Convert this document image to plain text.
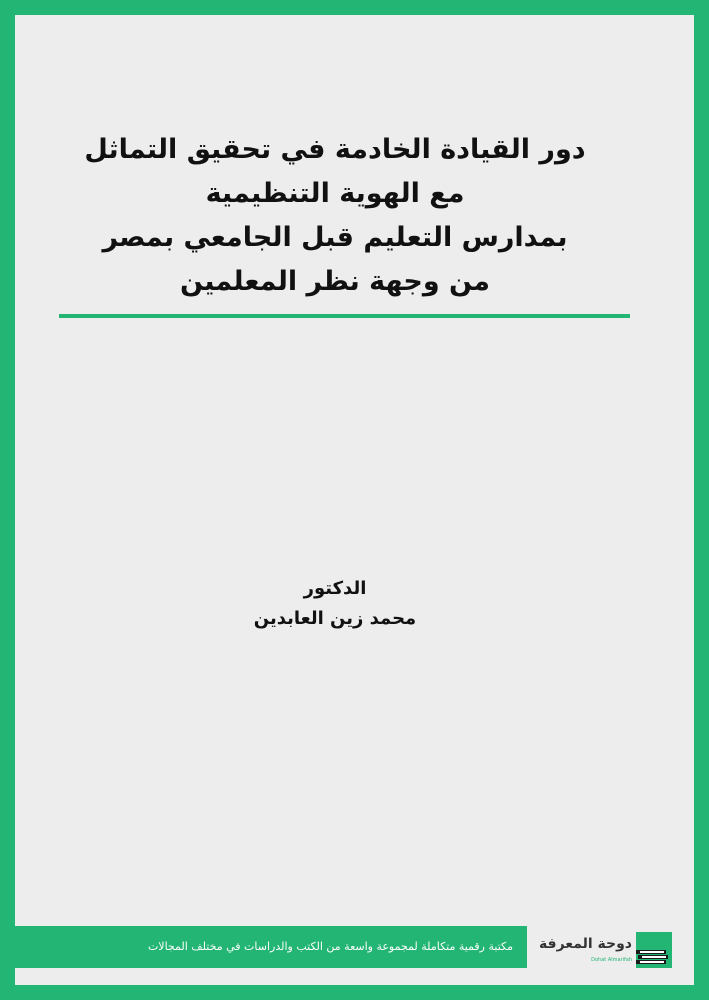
دور القيادة الخادمة في تحقيق التماثل
مع الهوية التنظيمية
بمدارس التعليم قبل الجامعي بمصر
من وجهة نظر المعلمين
الدكتور
محمد زين العابدين
مكتبة رقمية متكاملة لمجموعة واسعة من الكتب والدراسات في مختلف المجالات دوحة المعرفة
Dohat Almarifah
